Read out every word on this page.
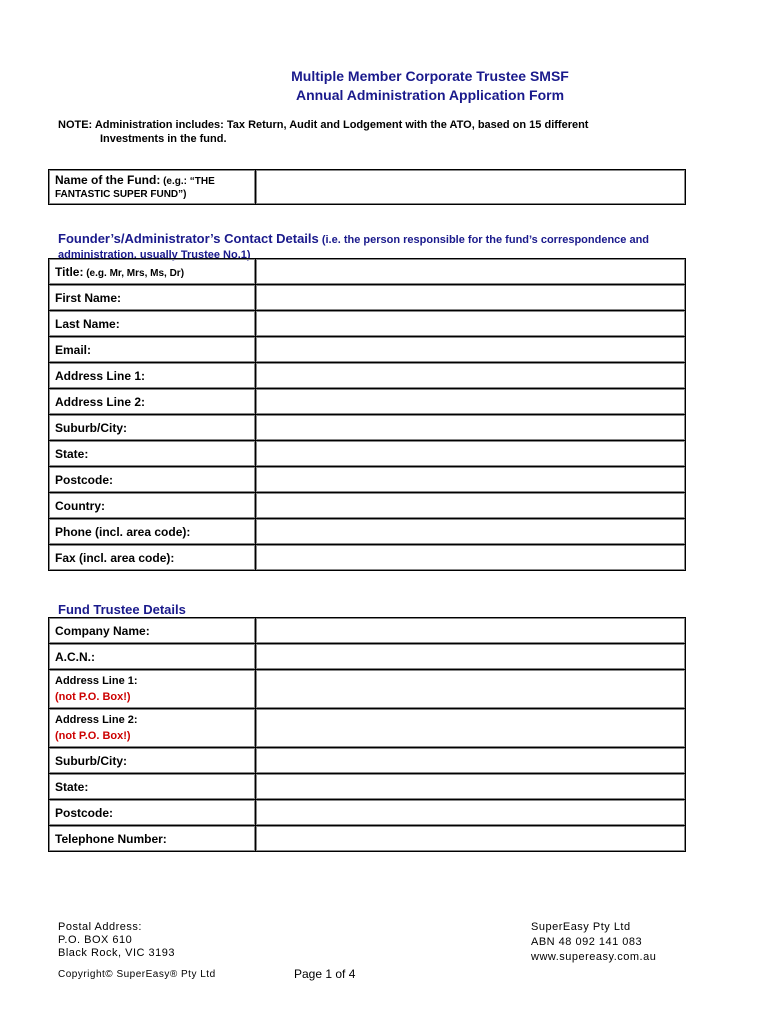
Multiple Member Corporate Trustee SMSF
Annual Administration Application Form
NOTE: Administration includes: Tax Return, Audit and Lodgement with the ATO, based on 15 different
Investments in the fund.
Name of the Fund: (e.g.: “THE FANTASTIC SUPER FUND”)	
Founder’s/Administrator’s Contact Details (i.e. the person responsible for the fund’s correspondence and administration, usually Trustee No.1)
Title: (e.g. Mr, Mrs, Ms, Dr)	
First Name:	
Last Name:	
Email:	
Address Line 1:	
Address Line 2:	
Suburb/City:	
State:	
Postcode:	
Country:	
Phone (incl. area code):	
Fax (incl. area code):	
Fund Trustee Details
Company Name:	
A.C.N.:	

Address Line 1:
(not P.O. Box!)	

Address Line 2:
(not P.O. Box!)	

Suburb/City:	
State:	
Postcode:	
Telephone Number:	
Postal Address:
P.O. BOX 610
Black Rock, VIC 3193
Copyright© SuperEasy® Pty Ltd	Page 1 of 4
SuperEasy Pty Ltd
ABN 48 092 141 083
www.supereasy.com.au
